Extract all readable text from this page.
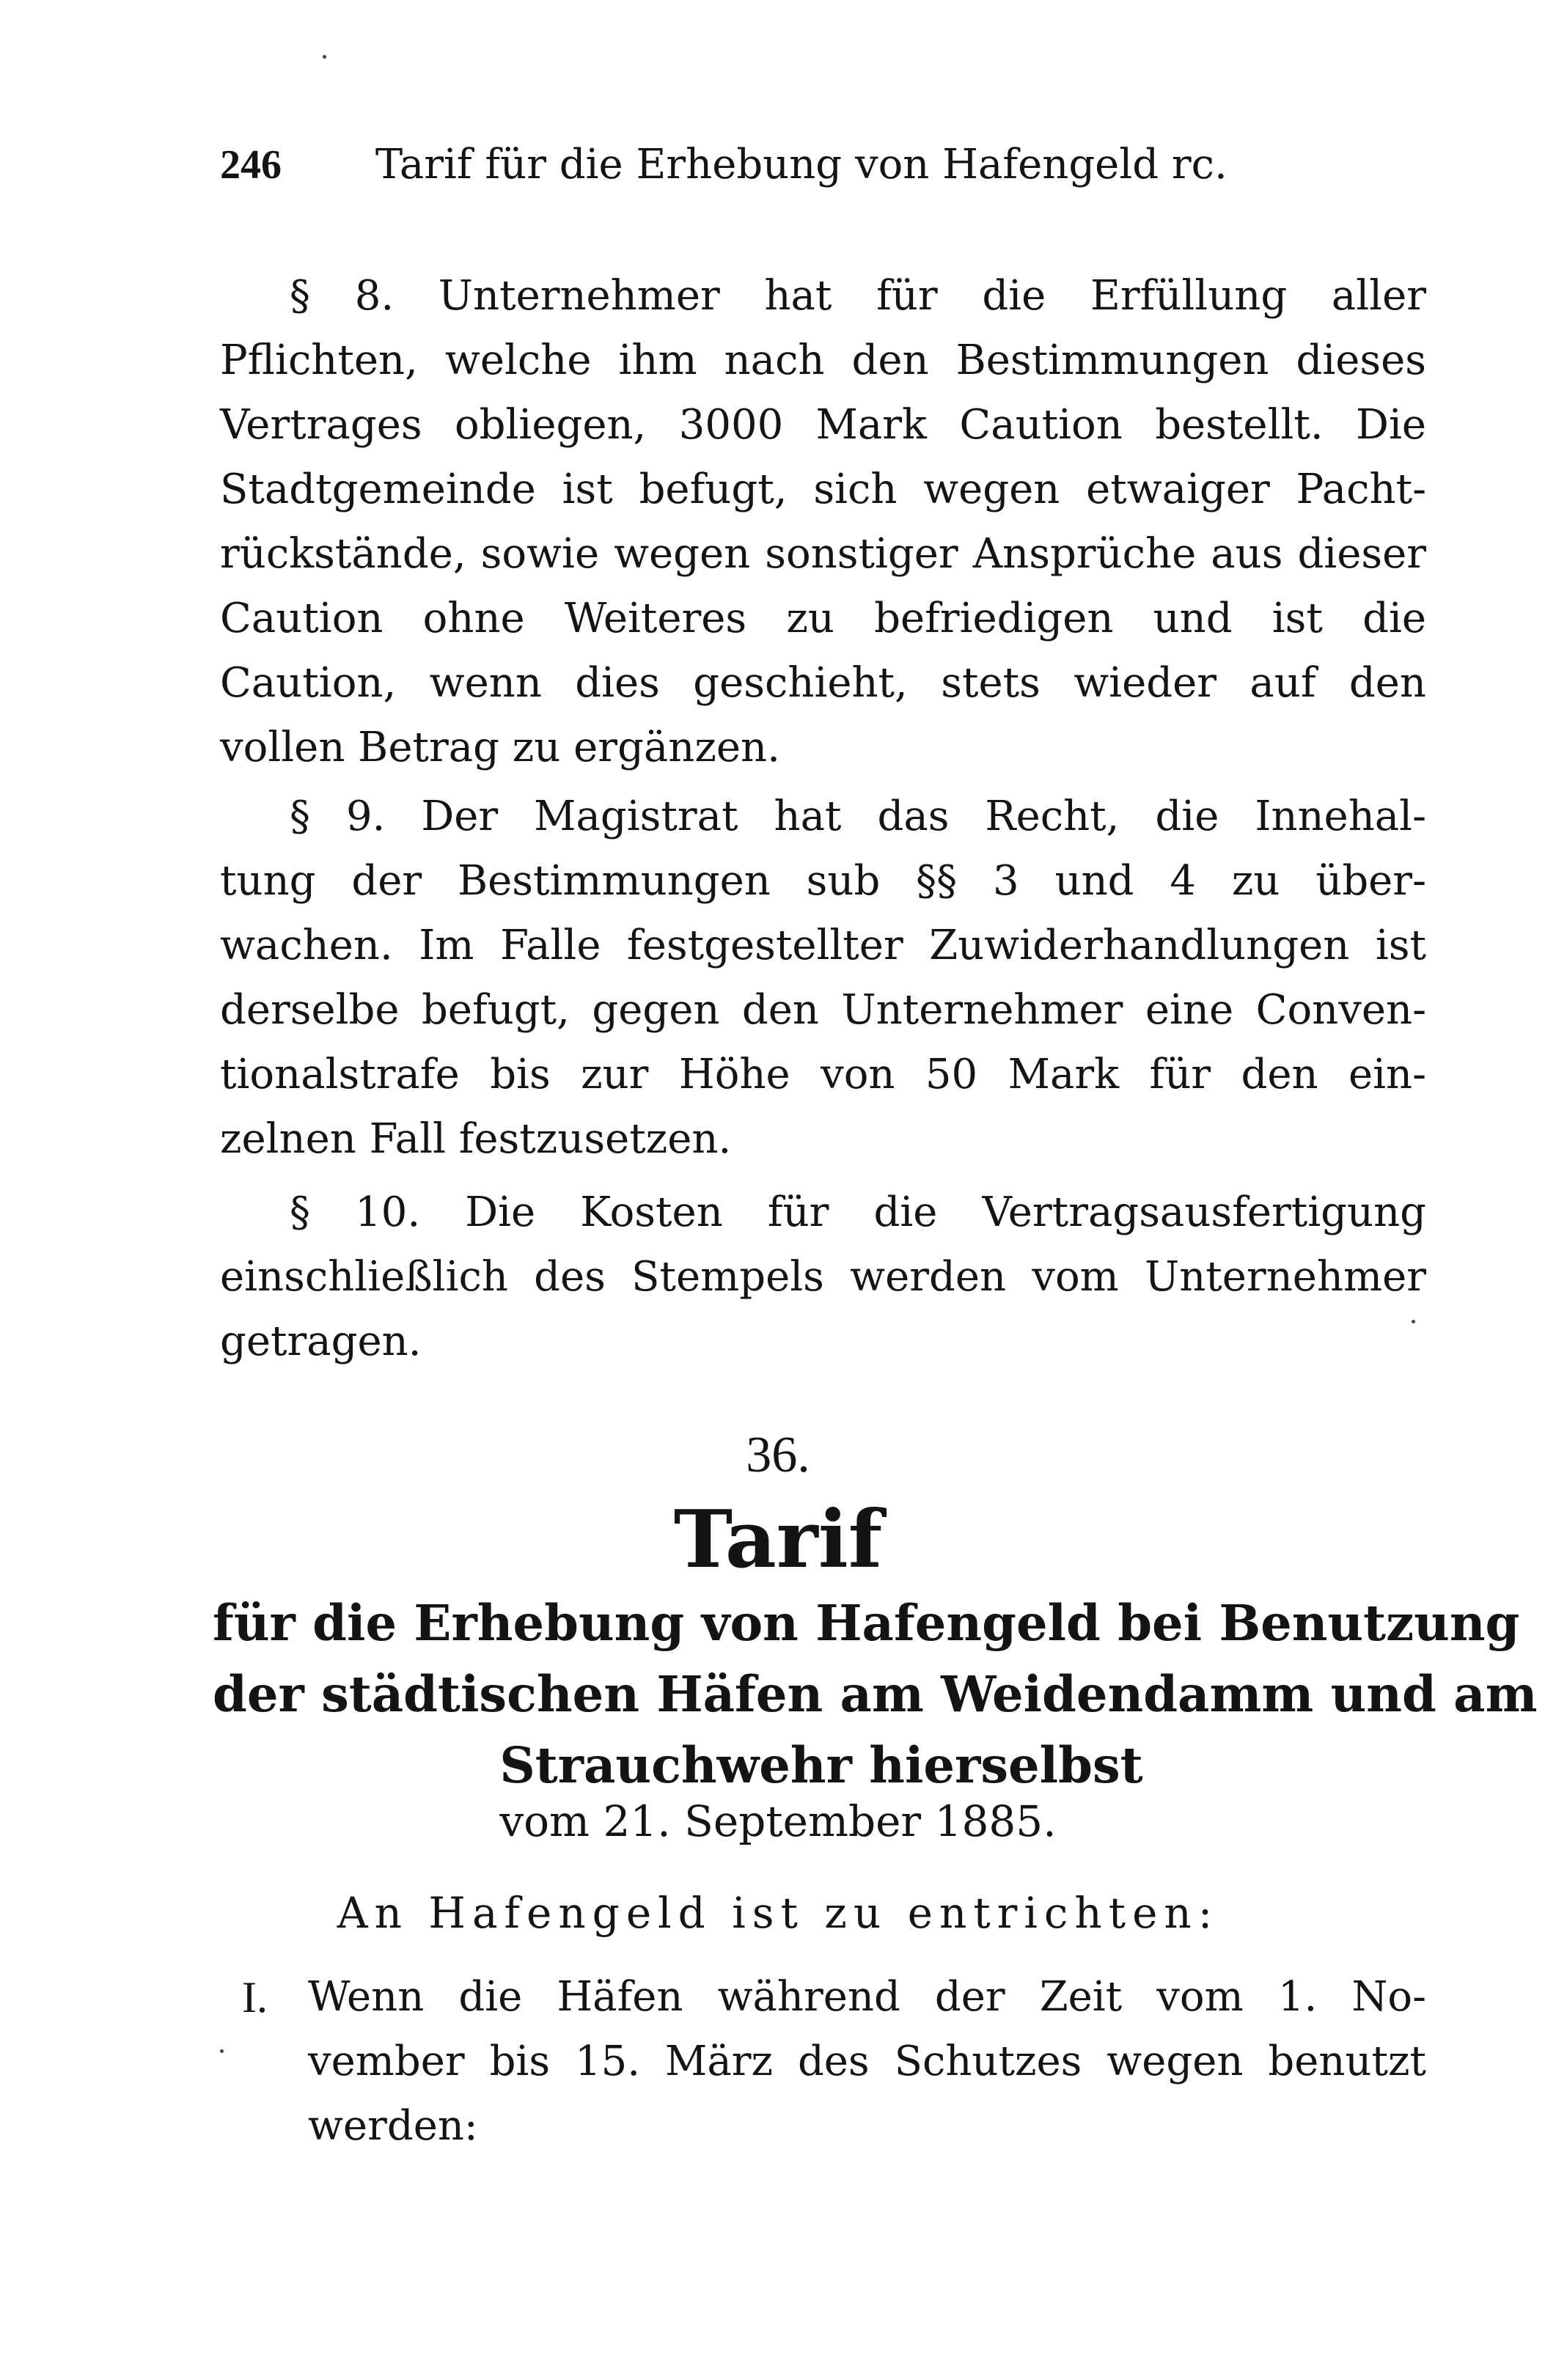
246 Tarif für die Erhebung von Hafengeld rc.
§ 8. Unternehmer hat für die Erfüllung aller
Pflichten, welche ihm nach den Bestimmungen dieses
Vertrages obliegen, 3000 Mark Caution bestellt. Die
Stadtgemeinde ist befugt, sich wegen etwaiger Pacht-
rückstände, sowie wegen sonstiger Ansprüche aus dieser
Caution ohne Weiteres zu befriedigen und ist die
Caution, wenn dies geschieht, stets wieder auf den
vollen Betrag zu ergänzen.
§ 9. Der Magistrat hat das Recht, die Innehal-
tung der Bestimmungen sub §§ 3 und 4 zu über-
wachen. Im Falle festgestellter Zuwiderhandlungen ist
derselbe befugt, gegen den Unternehmer eine Conven-
tionalstrafe bis zur Höhe von 50 Mark für den ein-
zelnen Fall festzusetzen.
§ 10. Die Kosten für die Vertragsausfertigung
einschließlich des Stempels werden vom Unternehmer
getragen.
36.
Tarif
für die Erhebung von Hafengeld bei Benutzung
der städtischen Häfen am Weidendamm und am
Strauchwehr hierselbst
vom 21. September 1885.
An Hafengeld ist zu entrichten:
I. Wenn die Häfen während der Zeit vom 1. No-
vember bis 15. März des Schutzes wegen benutzt
werden:
